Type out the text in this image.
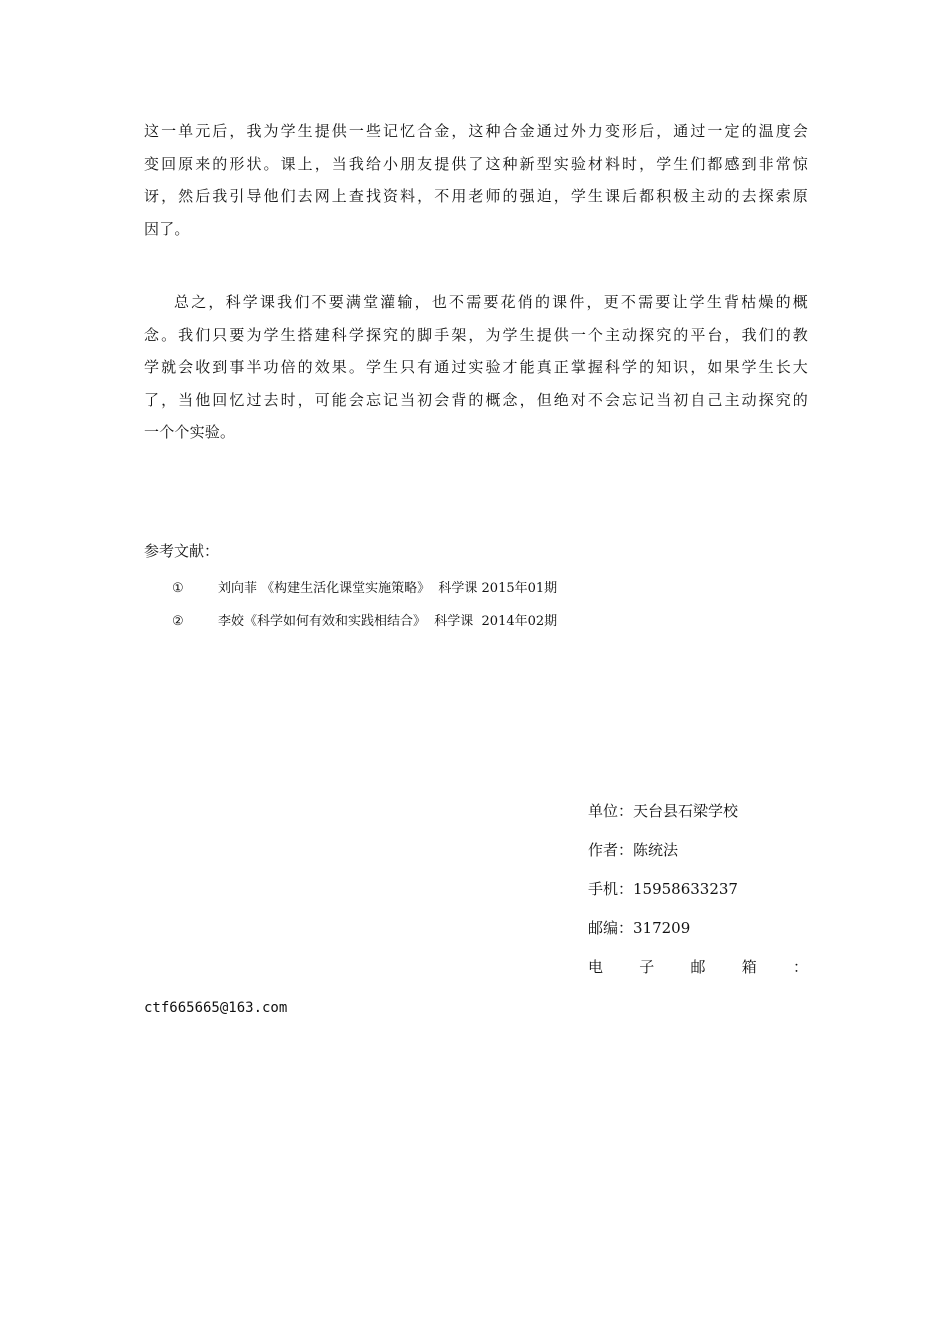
这一单元后，我为学生提供一些记忆合金，这种合金通过外力变形后，通过一定的温度会
变回原来的形状。课上，当我给小朋友提供了这种新型实验材料时，学生们都感到非常惊
讶，然后我引导他们去网上查找资料，不用老师的强迫，学生课后都积极主动的去探索原
因了。
总之，科学课我们不要满堂灌输，也不需要花俏的课件，更不需要让学生背枯燥的概
念。我们只要为学生搭建科学探究的脚手架，为学生提供一个主动探究的平台，我们的教
学就会收到事半功倍的效果。学生只有通过实验才能真正掌握科学的知识，如果学生长大
了，当他回忆过去时，可能会忘记当初会背的概念，但绝对不会忘记当初自己主动探究的
一个个实验。
参考文献：
①	刘向菲 《构建生活化课堂实施策略》  科学课 2015年01期
②	李姣《科学如何有效和实践相结合》  科学课  2014年02期
单位：天台县石梁学校
作者：陈统法
手机：15958633237
邮编：317209
电子邮箱：
ctf665665@163.com
